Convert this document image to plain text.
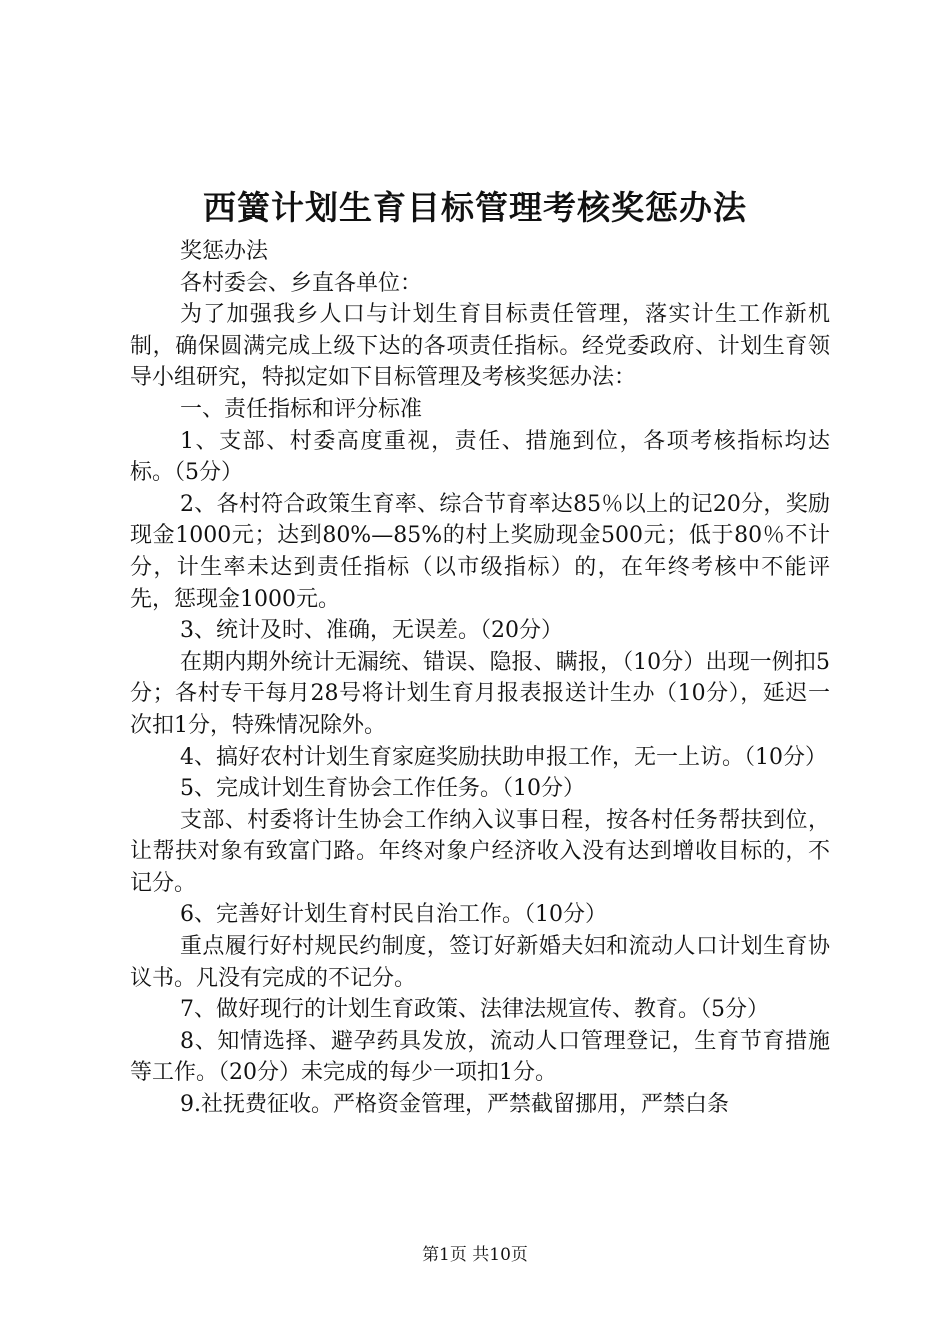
西簧计划生育目标管理考核奖惩办法

奖惩办法

各村委会、乡直各单位：

为了加强我乡人口与计划生育目标责任管理，落实计生工作新机制，确保圆满完成上级下达的各项责任指标。经党委政府、计划生育领导小组研究，特拟定如下目标管理及考核奖惩办法：

一、责任指标和评分标准

1、支部、村委高度重视，责任、措施到位，各项考核指标均达标。（5分）

2、各村符合政策生育率、综合节育率达85％以上的记20分，奖励现金1000元；达到80%—85%的村上奖励现金500元；低于80％不计分，计生率未达到责任指标（以市级指标）的，在年终考核中不能评先，惩现金1000元。

3、统计及时、准确，无误差。（20分）

在期内期外统计无漏统、错误、隐报、瞒报，（10分）出现一例扣5分；各村专干每月28号将计划生育月报表报送计生办（10分），延迟一次扣1分，特殊情况除外。

4、搞好农村计划生育家庭奖励扶助申报工作，无一上访。（10分）

5、完成计划生育协会工作任务。（10分）

支部、村委将计生协会工作纳入议事日程，按各村任务帮扶到位，让帮扶对象有致富门路。年终对象户经济收入没有达到增收目标的，不记分。

6、完善好计划生育村民自治工作。（10分）

重点履行好村规民约制度，签订好新婚夫妇和流动人口计划生育协议书。凡没有完成的不记分。

7、做好现行的计划生育政策、法律法规宣传、教育。（5分）

8、知情选择、避孕药具发放，流动人口管理登记，生育节育措施等工作。（20分）未完成的每少一项扣1分。

9.社抚费征收。严格资金管理，严禁截留挪用，严禁白条

第1页 共10页
